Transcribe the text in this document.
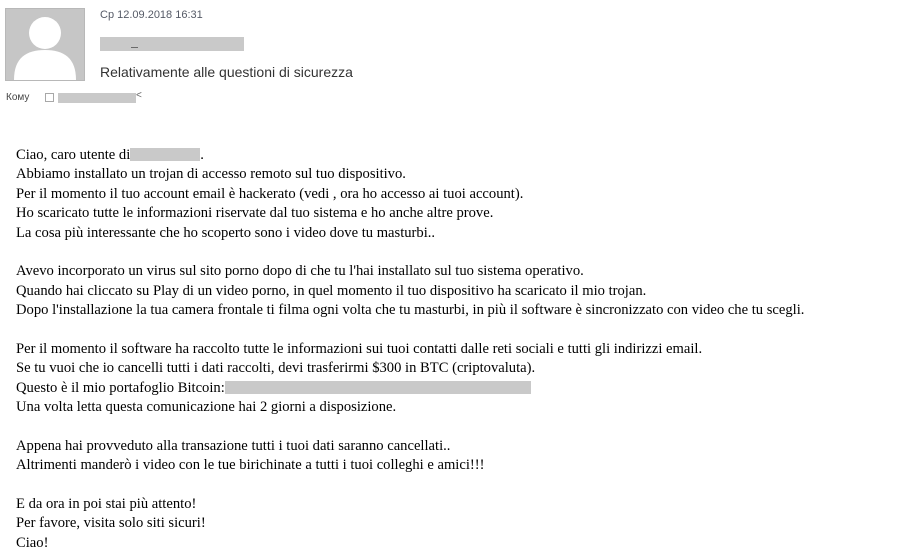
Ср 12.09.2018 16:31
Relativamente alle questioni di sicurezza
Кому	<
Ciao, caro utente di	.
Abbiamo installato un trojan di accesso remoto sul tuo dispositivo.
Per il momento il tuo account email è hackerato (vedi , ora ho accesso ai tuoi account).
Ho scaricato tutte le informazioni riservate dal tuo sistema e ho anche altre prove.
La cosa più interessante che ho scoperto sono i video dove tu masturbi..
Avevo incorporato un virus sul sito porno dopo di che tu l'hai installato sul tuo sistema operativo.
Quando hai cliccato su Play di un video porno, in quel momento il tuo dispositivo ha scaricato il mio trojan.
Dopo l'installazione la tua camera frontale ti filma ogni volta che tu masturbi, in più il software è sincronizzato con video che tu scegli.
Per il momento il software ha raccolto tutte le informazioni sui tuoi contatti dalle reti sociali e tutti gli indirizzi email.
Se tu vuoi che io cancelli tutti i dati raccolti, devi trasferirmi $300 in BTC (criptovaluta).
Questo è il mio portafoglio Bitcoin:
Una volta letta questa comunicazione hai 2 giorni a disposizione.
Appena hai provveduto alla transazione tutti i tuoi dati saranno cancellati..
Altrimenti manderò i video con le tue birichinate a tutti i tuoi colleghi e amici!!!
E da ora in poi stai più attento!
Per favore, visita solo siti sicuri!
Ciao!
